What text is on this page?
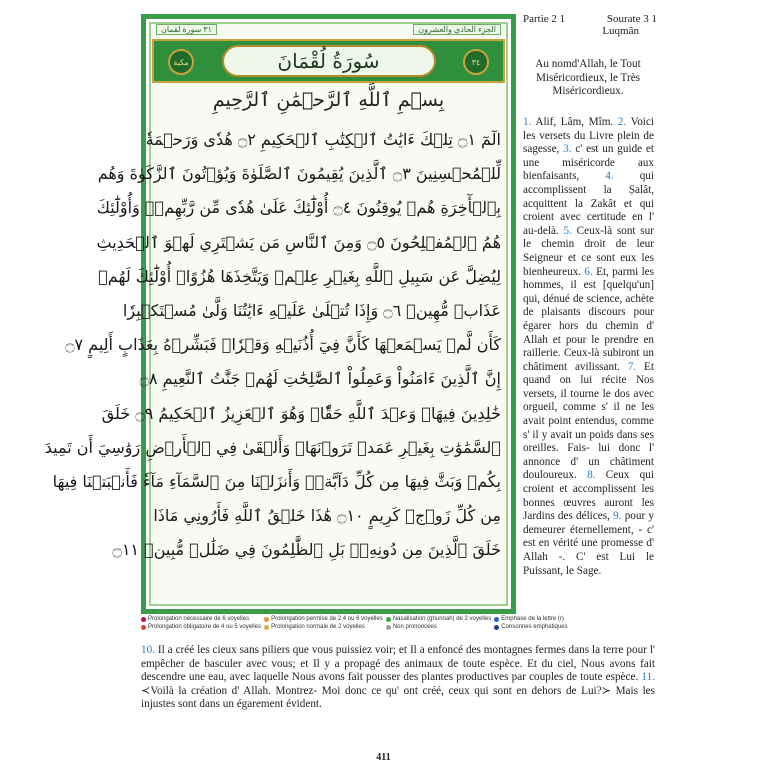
٣١ سورة لقمان	الجزء الحادي والعشرون
مكية	سُورَةُ لُقْمَانَ	٣٤
بِسۡمِ ٱللَّهِ ٱلرَّحۡمَٰنِ ٱلرَّحِيمِ
الٓمٓ ۝١ تِلۡكَ ءَايَٰتُ ٱلۡكِتَٰبِ ٱلۡحَكِيمِ ۝٢ هُدٗى وَرَحۡمَةٗ
لِّلۡمُحۡسِنِينَ ۝٣ ٱلَّذِينَ يُقِيمُونَ ٱلصَّلَوٰةَ وَيُؤۡتُونَ ٱلزَّكَوٰةَ وَهُم
بِٱلۡأٓخِرَةِ هُمۡ يُوقِنُونَ ۝٤ أُوْلَٰٓئِكَ عَلَىٰ هُدٗى مِّن رَّبِّهِمۡۖ وَأُوْلَٰٓئِكَ
هُمُ ٱلۡمُفۡلِحُونَ ۝٥ وَمِنَ ٱلنَّاسِ مَن يَشۡتَرِي لَهۡوَ ٱلۡحَدِيثِ
لِيُضِلَّ عَن سَبِيلِ ٱللَّهِ بِغَيۡرِ عِلۡمٖ وَيَتَّخِذَهَا هُزُوًاۚ أُوْلَٰٓئِكَ لَهُمۡ
عَذَابٞ مُّهِينٞ ۝٦ وَإِذَا تُتۡلَىٰ عَلَيۡهِ ءَايَٰتُنَا وَلَّىٰ مُسۡتَكۡبِرٗا
كَأَن لَّمۡ يَسۡمَعۡهَا كَأَنَّ فِيٓ أُذُنَيۡهِ وَقۡرٗاۖ فَبَشِّرۡهُ بِعَذَابٍ أَلِيمٍ ۝٧
إِنَّ ٱلَّذِينَ ءَامَنُواْ وَعَمِلُواْ ٱلصَّٰلِحَٰتِ لَهُمۡ جَنَّٰتُ ٱلنَّعِيمِ ۝٨
خَٰلِدِينَ فِيهَاۖ وَعۡدَ ٱللَّهِ حَقّٗاۚ وَهُوَ ٱلۡعَزِيزُ ٱلۡحَكِيمُ ۝٩ خَلَقَ
ٱلسَّمَٰوَٰتِ بِغَيۡرِ عَمَدٖ تَرَوۡنَهَاۖ وَأَلۡقَىٰ فِي ٱلۡأَرۡضِ رَوَٰسِيَ أَن تَمِيدَ
بِكُمۡ وَبَثَّ فِيهَا مِن كُلِّ دَآبَّةٖۚ وَأَنزَلۡنَا مِنَ ٱلسَّمَآءِ مَآءٗ فَأَنۢبَتۡنَا فِيهَا
مِن كُلِّ زَوۡجٖ كَرِيمٍ ۝١٠ هَٰذَا خَلۡقُ ٱللَّهِ فَأَرُونِي مَاذَا
خَلَقَ ٱلَّذِينَ مِن دُونِهِۦۚ بَلِ ٱلظَّٰلِمُونَ فِي ضَلَٰلٖ مُّبِينٖ ۝١١
Prolongation nécessaire de 6 voyelles	Prolongation permise de 2,4 ou 6 voyelles Nasalisation (ghunnah) de 2 voyelles Emphase de la lettre (r)
Prolongation obligatoire de 4 ou 5 voyelles Prolongation normale de 2 voyelles	Non prononcées	Consonnes emphatiques
Partie 2 1	Sourate 3 1
Luqmân
Au nomd'Allah, le Tout Miséricordieux, le Très Miséricordieux.
1. Alif, Lâm, Mîm. 2. Voici les versets du Livre plein de sagesse, 3. c' est un guide et une miséricorde aux bienfaisants, 4. qui accomplissent la Ṣalât, acquittent la Zakât et qui croient avec certitude en l' au-delà. 5. Ceux-là sont sur le chemin droit de leur Seigneur et ce sont eux les bienheureux. 6. Et, parmi les hommes, il est [quelqu'un] qui, dénué de science, achète de plaisants discours pour égarer hors du chemin d' Allah et pour le prendre en raillerie. Ceux-là subiront un châtiment avilissant. 7. Et quand on lui récite Nos versets, il tourne le dos avec orgueil, comme s' il ne les avait point entendus, comme s' il y avait un poids dans ses oreilles. Fais- lui donc l' annonce d' un châtiment douloureux. 8. Ceux qui croient et accomplissent les bonnes œuvres auront les Jardins des délices, 9. pour y demeurer éternellement, - c' est en vérité une promesse d' Allah -. C' est Lui le Puissant, le Sage.
10. Il a créé les cieux sans piliers que vous puissiez voir; et Il a enfoncé des montagnes fermes dans la terre pour l' empêcher de basculer avec vous; et Il y a propagé des animaux de toute espèce. Et du ciel, Nous avons fait descendre une eau, avec laquelle Nous avons fait pousser des plantes productives par couples de toute espèce. 11. ≺Voilà la création d' Allah. Montrez- Moi donc ce qu' ont créé, ceux qui sont en dehors de Lui?≻ Mais les injustes sont dans un égarement évident.
411
